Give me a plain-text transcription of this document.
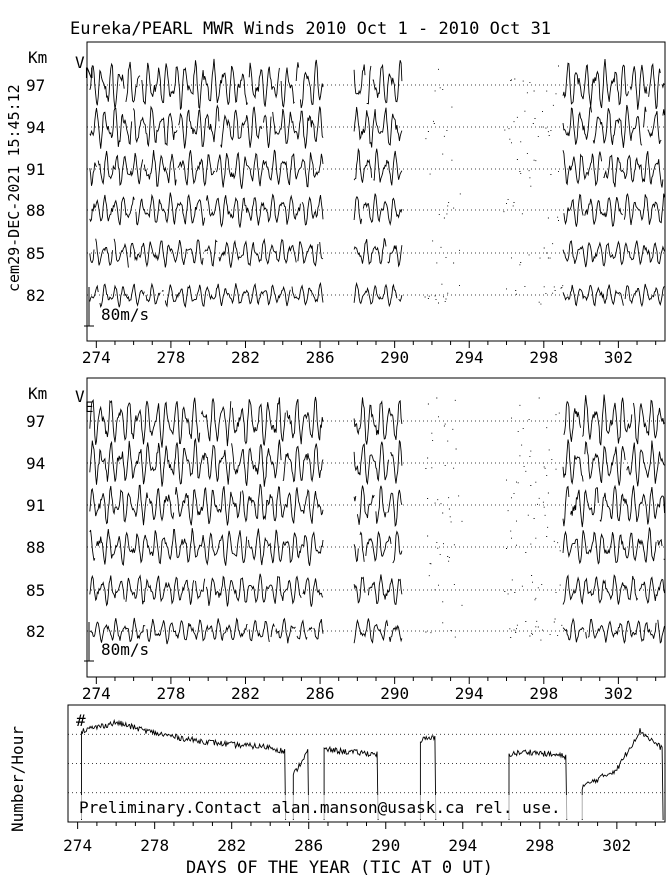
Eureka/PEARL MWR Winds 2010 Oct 1 - 2010 Oct 31
cem29-DEC-2021 15:45:12
274	278	282	286	290	294	298	302
97
94
91
88
85
82
Km V
N
80m/s
274	278	282	286	290	294	298	302
97
94
91
88
85
82
Km V
E
80m/s
274	278	282	286	290	294	298	302
Number/Hour
#
Preliminary.Contact alan.manson@usask.ca rel. use.
DAYS OF THE YEAR (TIC AT 0 UT)
